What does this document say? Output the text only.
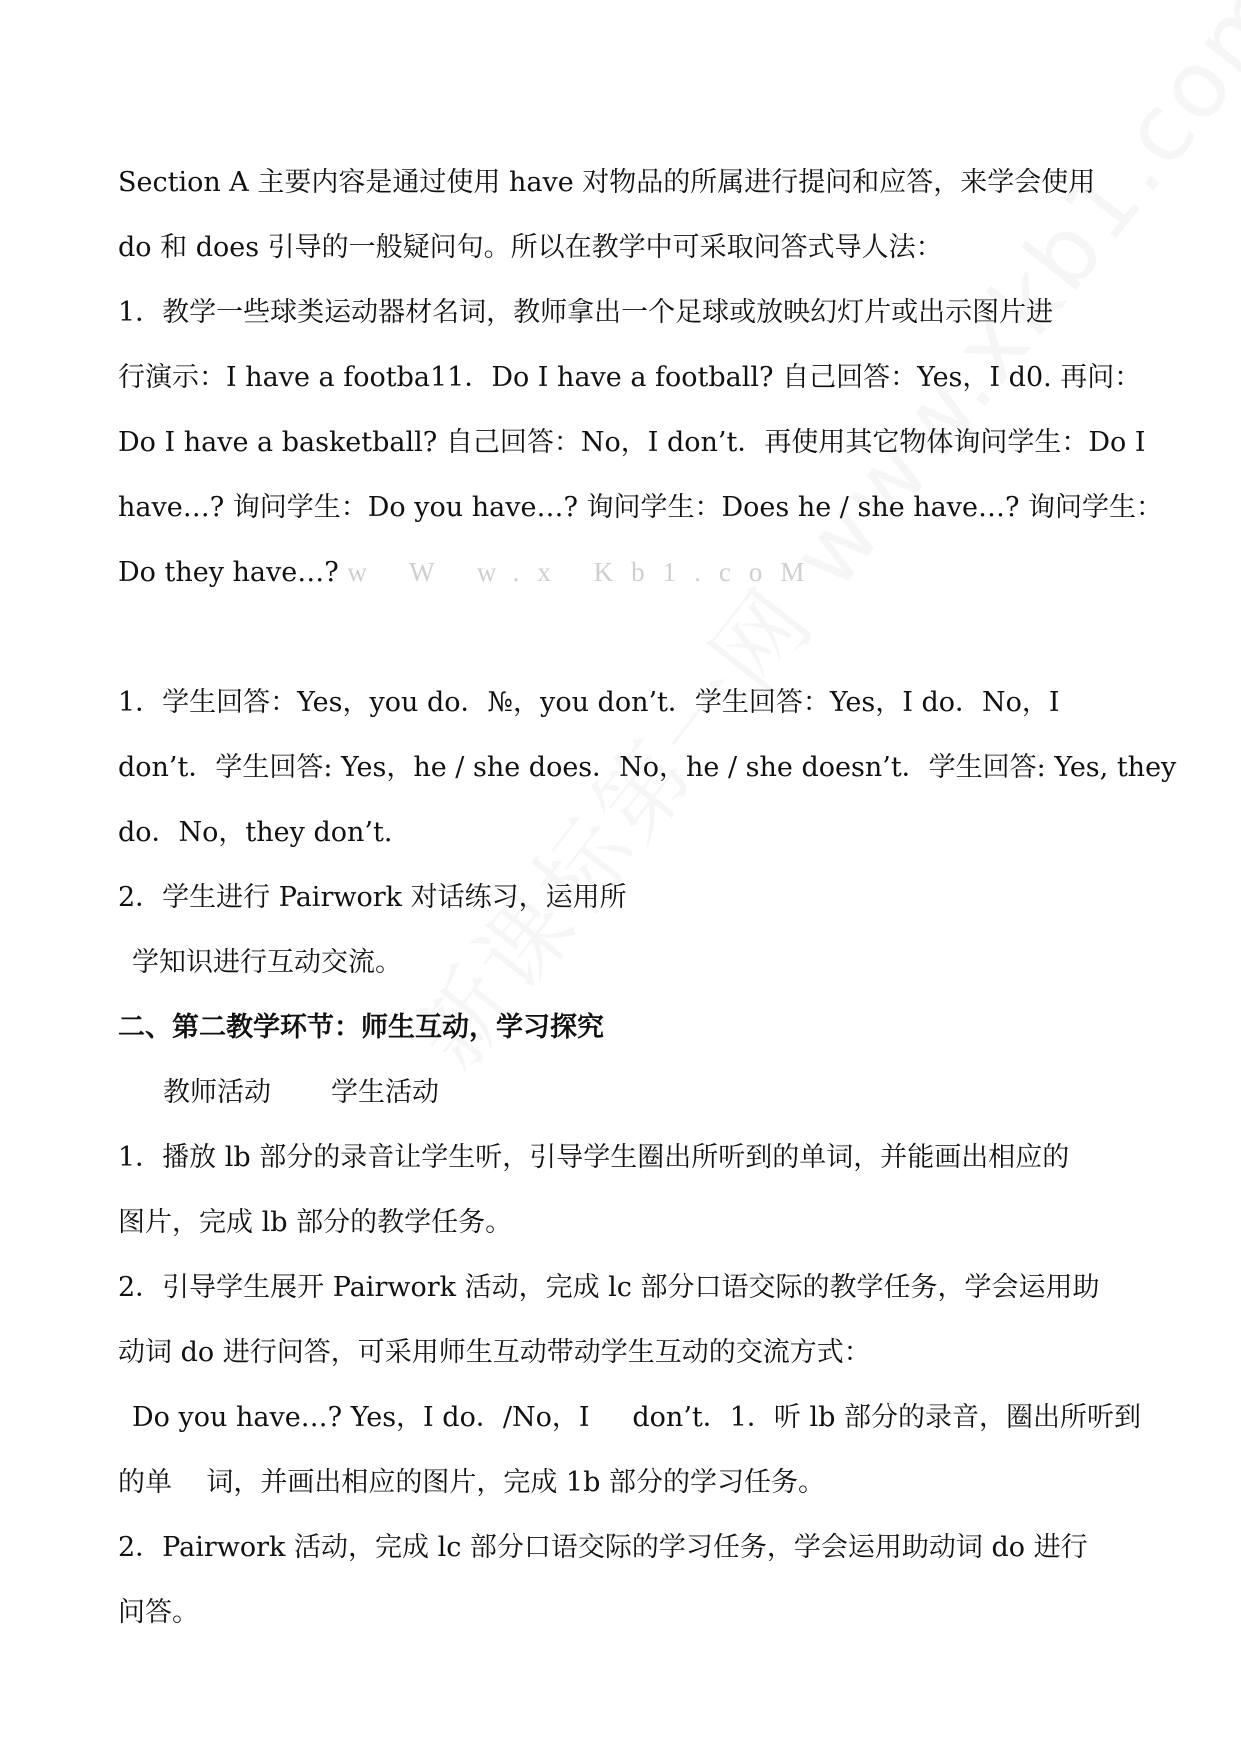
Section A 主要内容是通过使用 have 对物品的所属进行提问和应答，来学会使用
do 和 does 引导的一般疑问句。所以在教学中可采取问答式导人法：
1．教学一些球类运动器材名词，教师拿出一个足球或放映幻灯片或出示图片进
行演示：I have a footba11．Do I have a football? 自己回答：Yes，I d0. 再问：
Do I have a basketball? 自己回答：No，I don’t．再使用其它物体询问学生：Do I
have…? 询问学生：Do you have…? 询问学生：Does he / she have…? 询问学生：
Do they have…? w W w.x Kb1.coM
1．学生回答：Yes，you do．№，you don’t．学生回答：Yes，I do．No，I
don’t．学生回答: Yes，he / she does．No，he / she doesn’t．学生回答: Yes, they
do．No，they don’t.
2．学生进行 Pairwork 对话练习，运用所
学知识进行互动交流。
二、第二教学环节：师生互动，学习探究
教师活动 学生活动
1．播放 lb 部分的录音让学生听，引导学生圈出所听到的单词，并能画出相应的
图片，完成 lb 部分的教学任务。
2．引导学生展开 Pairwork 活动，完成 lc 部分口语交际的教学任务，学会运用助
动词 do 进行问答，可采用师生互动带动学生互动的交流方式：
Do you have…? Yes，I do．/No，I     don’t．1．听 lb 部分的录音，圈出所听到
的单    词，并画出相应的图片，完成 1b 部分的学习任务。
2．Pairwork 活动，完成 lc 部分口语交际的学习任务，学会运用助动词 do 进行
问答。
